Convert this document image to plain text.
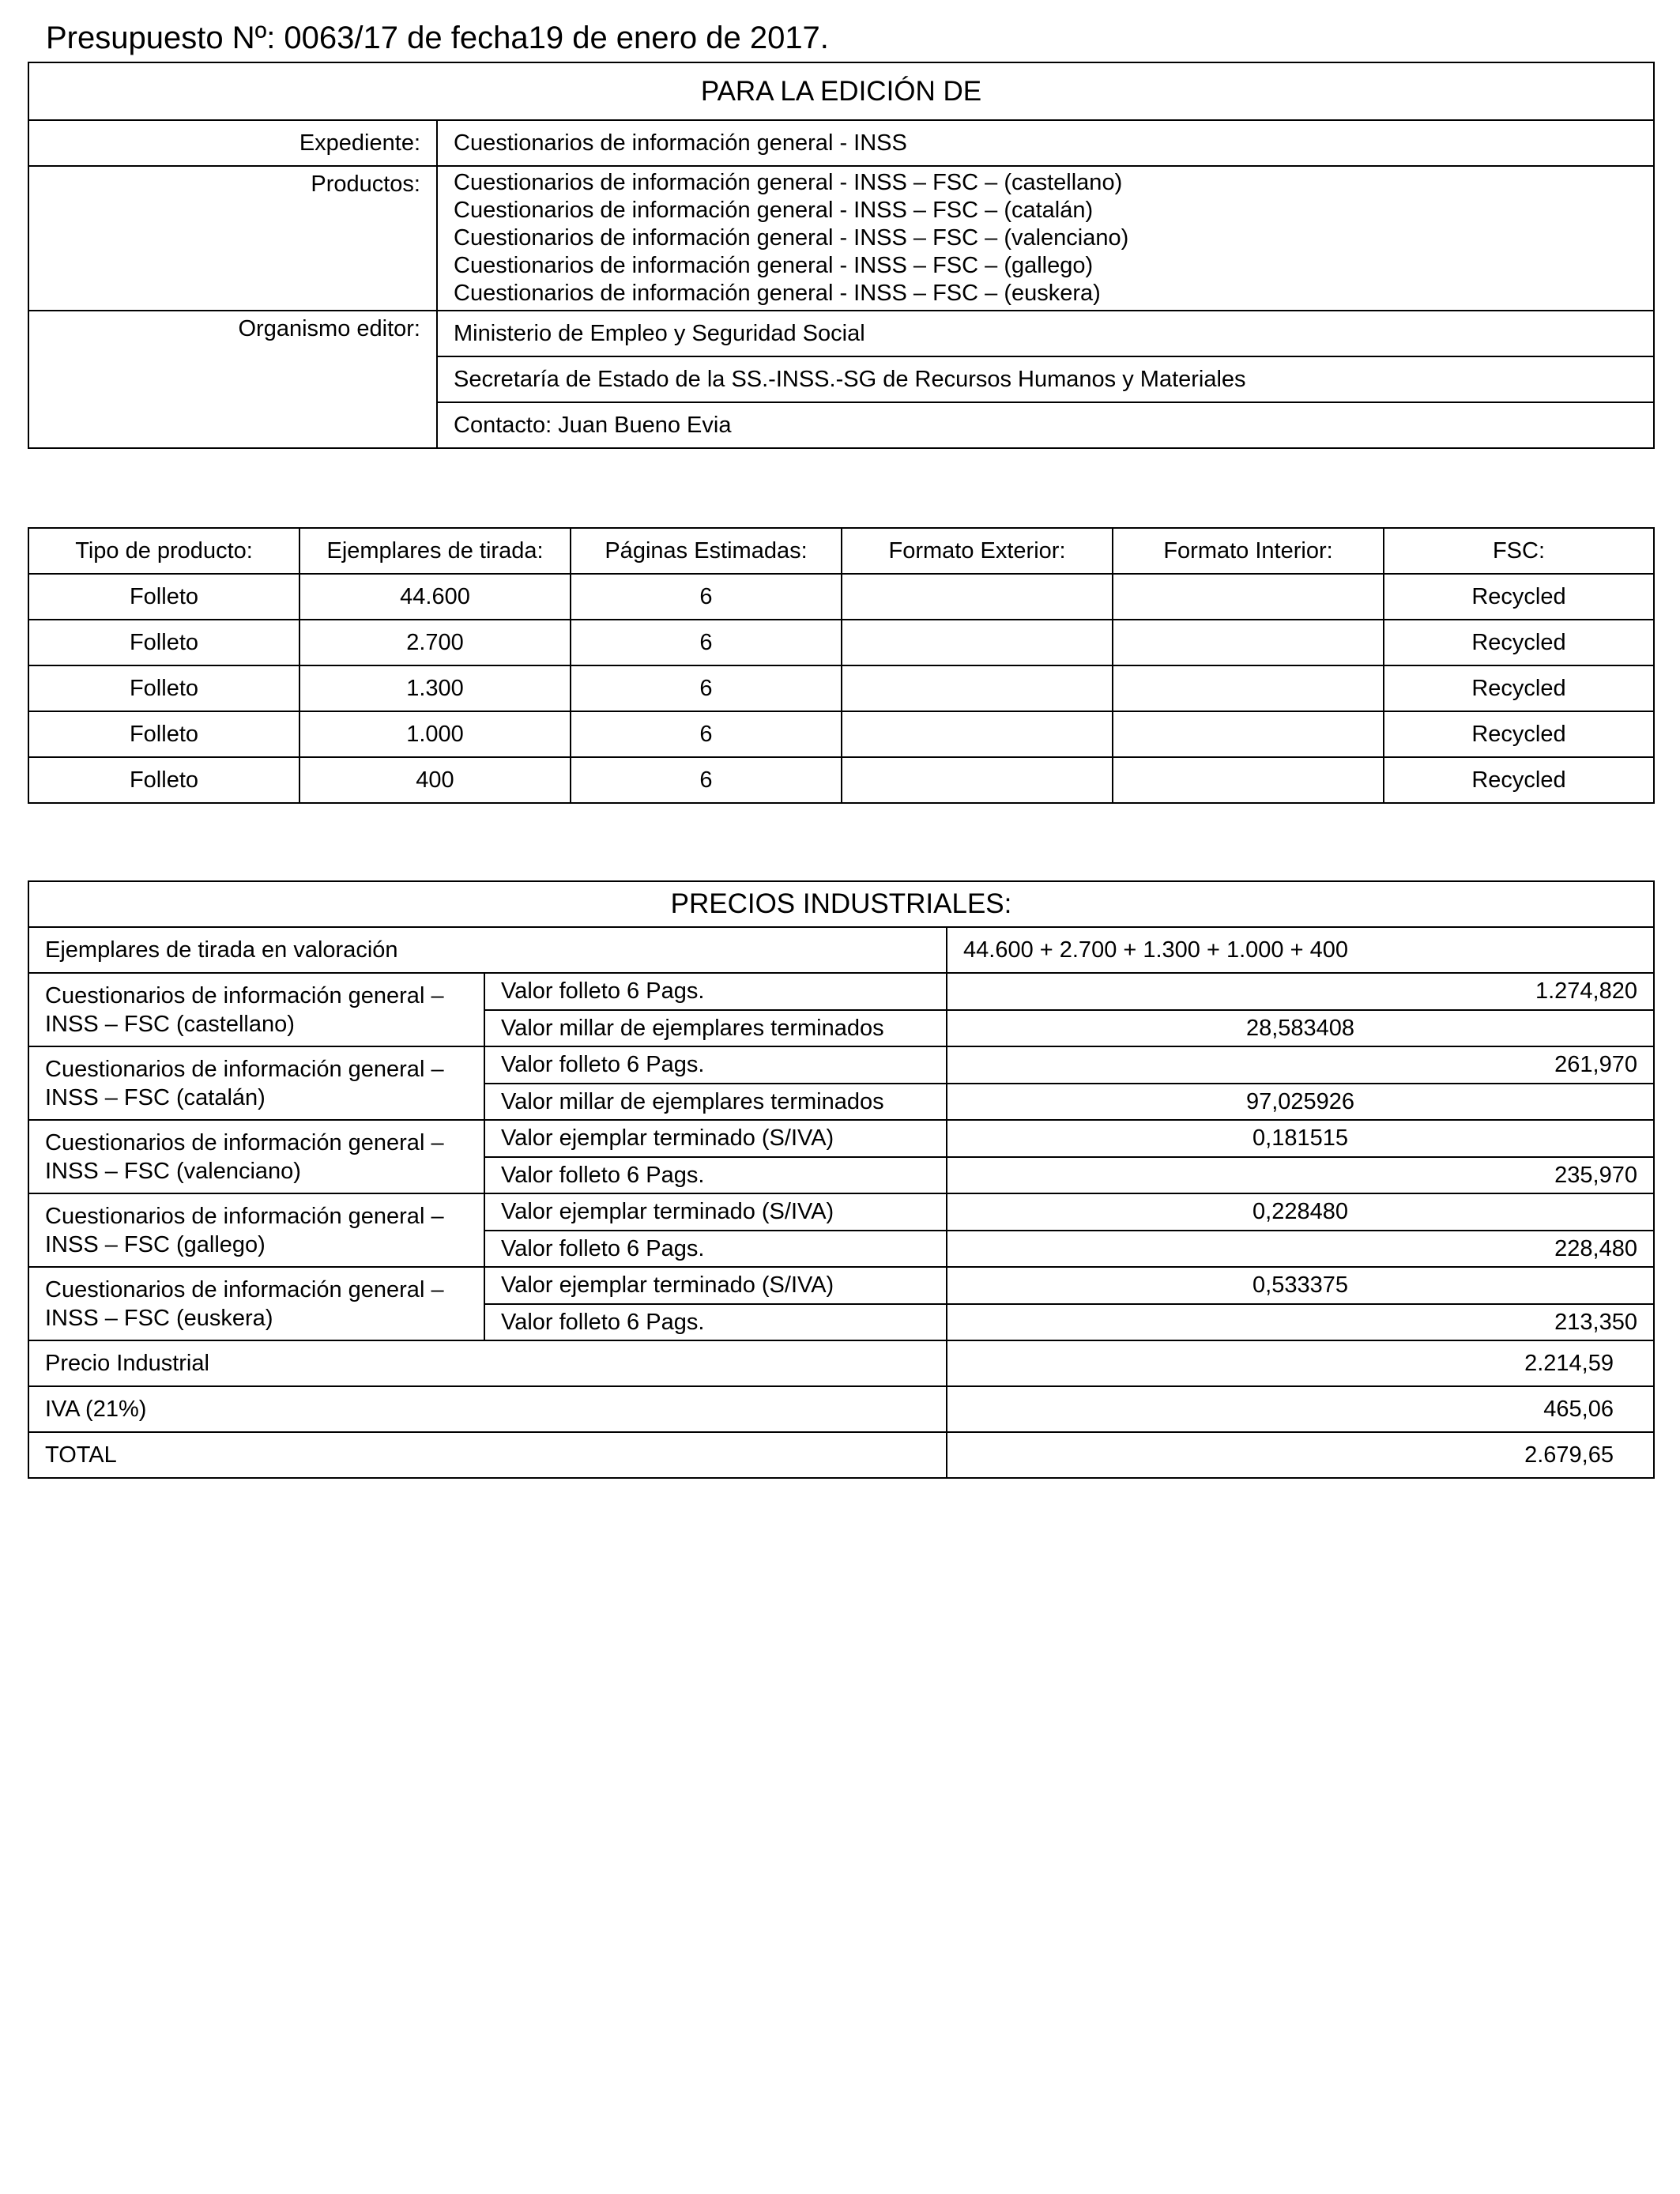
Presupuesto Nº: 0063/17 de fecha19 de enero de 2017.
PARA LA EDICIÓN DE	
Expediente:	Cuestionarios de información general - INSS
Productos:	Cuestionarios de información general - INSS – FSC – (castellano)
Cuestionarios de información general - INSS – FSC – (catalán)
Cuestionarios de información general - INSS – FSC – (valenciano)
Cuestionarios de información general - INSS – FSC – (gallego)
Cuestionarios de información general - INSS – FSC – (euskera)

Organismo editor:	Ministerio de Empleo y Seguridad Social
	Secretaría de Estado de la SS.-INSS.-SG de Recursos Humanos y Materiales
	Contacto: Juan Bueno Evia
Tipo de producto:	Ejemplares de tirada:	Páginas Estimadas:	Formato Exterior:	Formato Interior:	FSC:
Folleto	44.600	6			Recycled
Folleto	2.700	6			Recycled
Folleto	1.300	6			Recycled
Folleto	1.000	6			Recycled
Folleto	400	6			Recycled
PRECIOS INDUSTRIALES:		
Ejemplares de tirada en valoración		44.600 + 2.700 + 1.300 + 1.000 + 400
Cuestionarios de información general – INSS – FSC (castellano)	Valor folleto 6 Pags.	1.274,820
	Valor millar de ejemplares terminados	28,583408
Cuestionarios de información general – INSS – FSC (catalán)	Valor folleto 6 Pags.	261,970
	Valor millar de ejemplares terminados	97,025926
Cuestionarios de información general – INSS – FSC (valenciano)	Valor ejemplar terminado (S/IVA)	0,181515
	Valor folleto 6 Pags.	235,970
Cuestionarios de información general – INSS – FSC (gallego)	Valor ejemplar terminado (S/IVA)	0,228480
	Valor folleto 6 Pags.	228,480
Cuestionarios de información general – INSS – FSC (euskera)	Valor ejemplar terminado (S/IVA)	0,533375
	Valor folleto 6 Pags.	213,350
Precio Industrial		2.214,59
IVA (21%)		465,06
TOTAL		2.679,65
